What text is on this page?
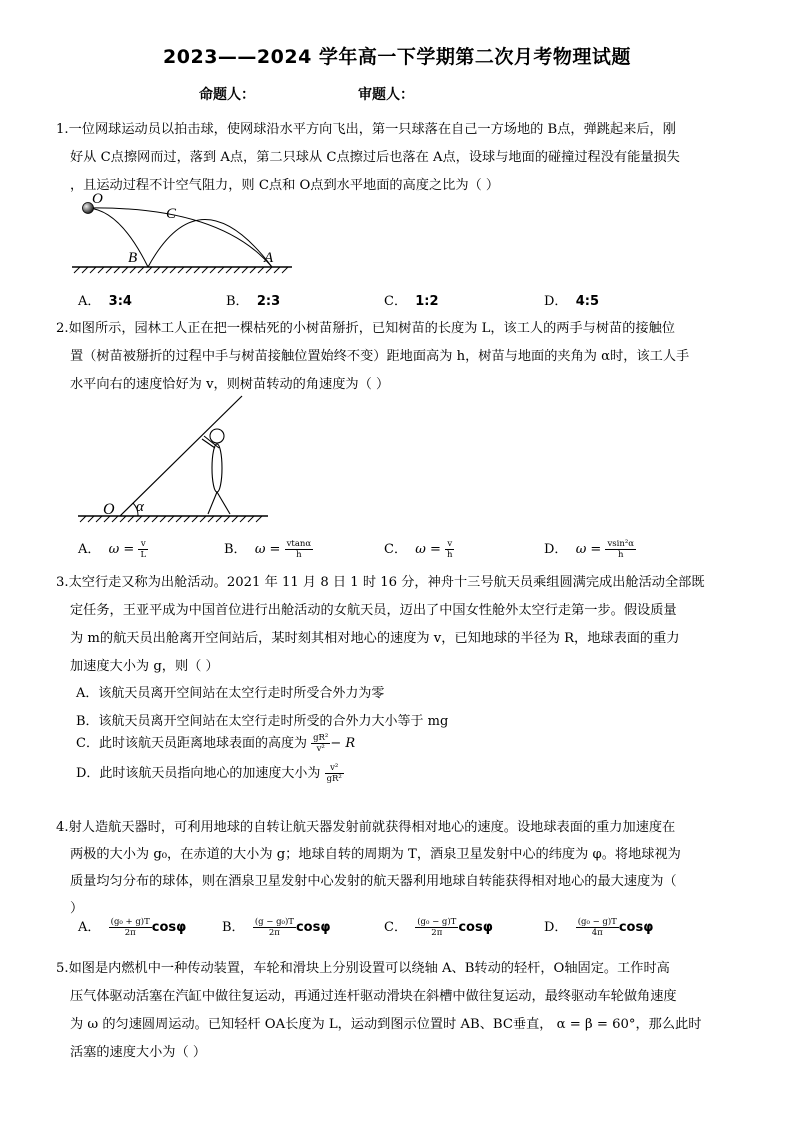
2023——2024 学年高一下学期第二次月考物理试题
命题人：	审题人：
1.一位网球运动员以拍击球，使网球沿水平方向飞出，第一只球落在自己一方场地的 B点，弹跳起来后，刚
好从 C点擦网而过，落到 A点，第二只球从 C点擦过后也落在 A点，设球与地面的碰撞过程没有能量损失
，且运动过程不计空气阻力，则 C点和 O点到水平地面的高度之比为（ ）
O
C
B	A
A． 3:4	B． 2:3	C． 1:2	D． 4:5
2.如图所示，园林工人正在把一棵枯死的小树苗掰折，已知树苗的长度为 L，该工人的两手与树苗的接触位
置（树苗被掰折的过程中手与树苗接触位置始终不变）距地面高为 h，树苗与地面的夹角为 α时，该工人手
水平向右的速度恰好为 v，则树苗转动的角速度为（ ）
O α
A． $\omega = \frac{v}{L}$	B． $\omega = \frac{vtan\alpha}{h}$	C． $\omega = \frac{v}{h}$	D． $\omega = \frac{\text{vsin²α}}{h}$
3.太空行走又称为出舱活动。2021 年 11 月 8 日 1 时 16 分，神舟十三号航天员乘组圆满完成出舱活动全部既
定任务，王亚平成为中国首位进行出舱活动的女航天员，迈出了中国女性舱外太空行走第一步。假设质量
为 m的航天员出舱离开空间站后，某时刻其相对地心的速度为 v，已知地球的半径为 R，地球表面的重力
加速度大小为 g，则（ ）
A．该航天员离开空间站在太空行走时所受合外力为零
B．该航天员离开空间站在太空行走时所受的合外力大小等于 mg
C．此时该航天员距离地球表面的高度为 $\frac{\text{gR²}}{\text{v²}} - R$
D．此时该航天员指向地心的加速度大小为 $\frac{\text{v²}}{\text{gR²}}$
4.射人造航天器时，可利用地球的自转让航天器发射前就获得相对地心的速度。设地球表面的重力加速度在
两极的大小为 g₀，在赤道的大小为 g；地球自转的周期为 T，酒泉卫星发射中心的纬度为 φ。将地球视为
质量均匀分布的球体，则在酒泉卫星发射中心发射的航天器利用地球自转能获得相对地心的最大速度为（
）
A． $\frac{\text{(g₀ + g)T}}{2\pi}$ cosφ	B． $\frac{\text{(g − g₀)T}}{2\pi}$ cosφ	C． $\frac{\text{(g₀ − g)T}}{2\pi}$ cosφ	D． $\frac{\text{(g₀ − g)T}}{4\pi}$ cosφ
5.如图是内燃机中一种传动装置，车轮和滑块上分别设置可以绕轴 A、B转动的轻杆，O轴固定。工作时高
压气体驱动活塞在汽缸中做往复运动，再通过连杆驱动滑块在斜槽中做往复运动，最终驱动车轮做角速度
为 ω 的匀速圆周运动。已知轻杆 OA长度为 L，运动到图示位置时 AB、BC垂直， α = β = 60°，那么此时
活塞的速度大小为（ ）
